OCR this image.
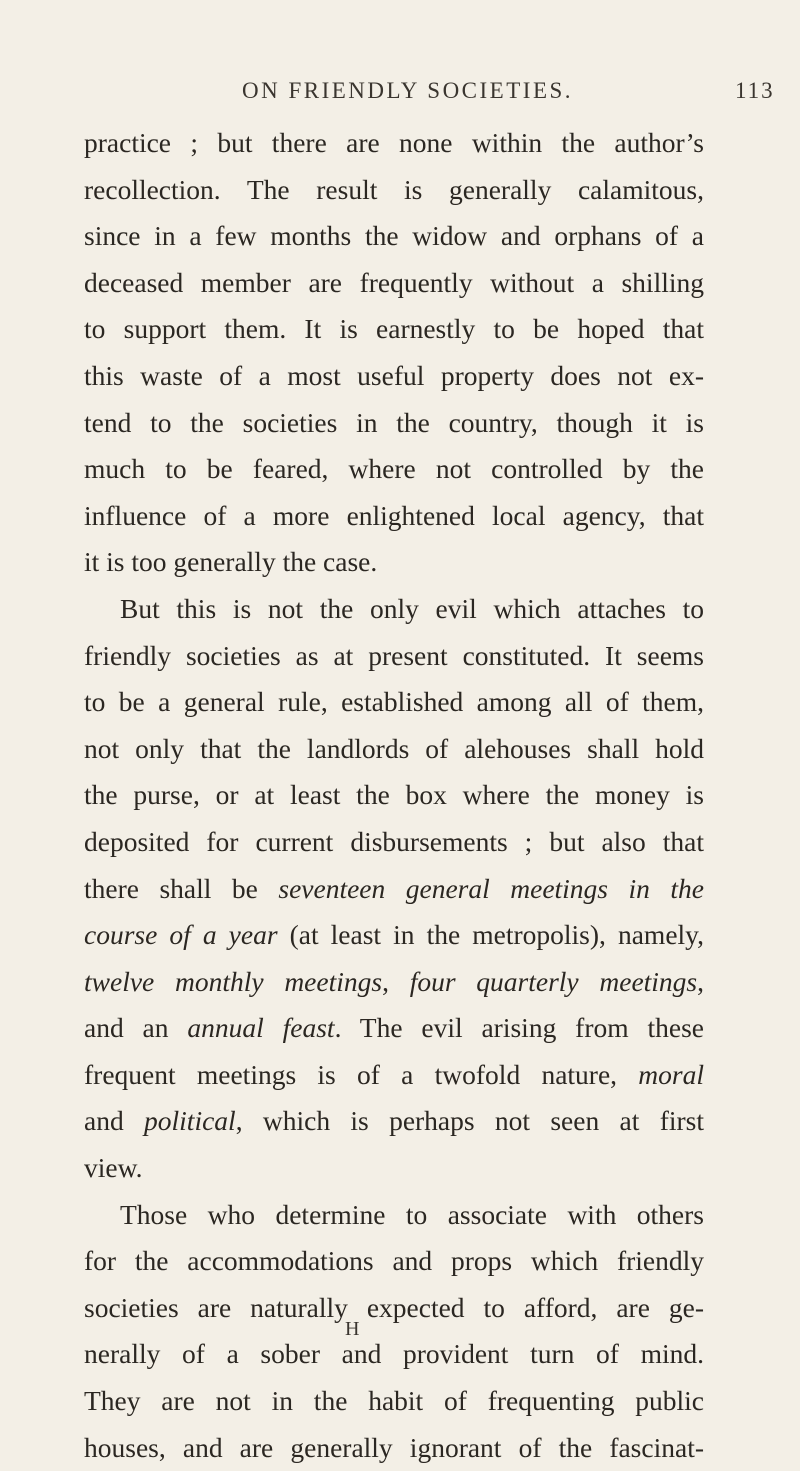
ON FRIENDLY SOCIETIES.	113
practice ; but there are none within the author’s
recollection. The result is generally calamitous,
since in a few months the widow and orphans of a
deceased member are frequently without a shilling
to support them. It is earnestly to be hoped that
this waste of a most useful property does not ex-
tend to the societies in the country, though it is
much to be feared, where not controlled by the
influence of a more enlightened local agency, that
it is too generally the case.
But this is not the only evil which attaches to
friendly societies as at present constituted. It seems
to be a general rule, established among all of them,
not only that the landlords of alehouses shall hold
the purse, or at least the box where the money is
deposited for current disbursements ; but also that
there shall be seventeen general meetings in the
course of a year (at least in the metropolis), namely,
twelve monthly meetings, four quarterly meetings,
and an annual feast. The evil arising from these
frequent meetings is of a twofold nature, moral
and political, which is perhaps not seen at first
view.
Those who determine to associate with others
for the accommodations and props which friendly
societies are naturally expected to afford, are ge-
nerally of a sober and provident turn of mind.
They are not in the habit of frequenting public
houses, and are generally ignorant of the fascinat-
H
